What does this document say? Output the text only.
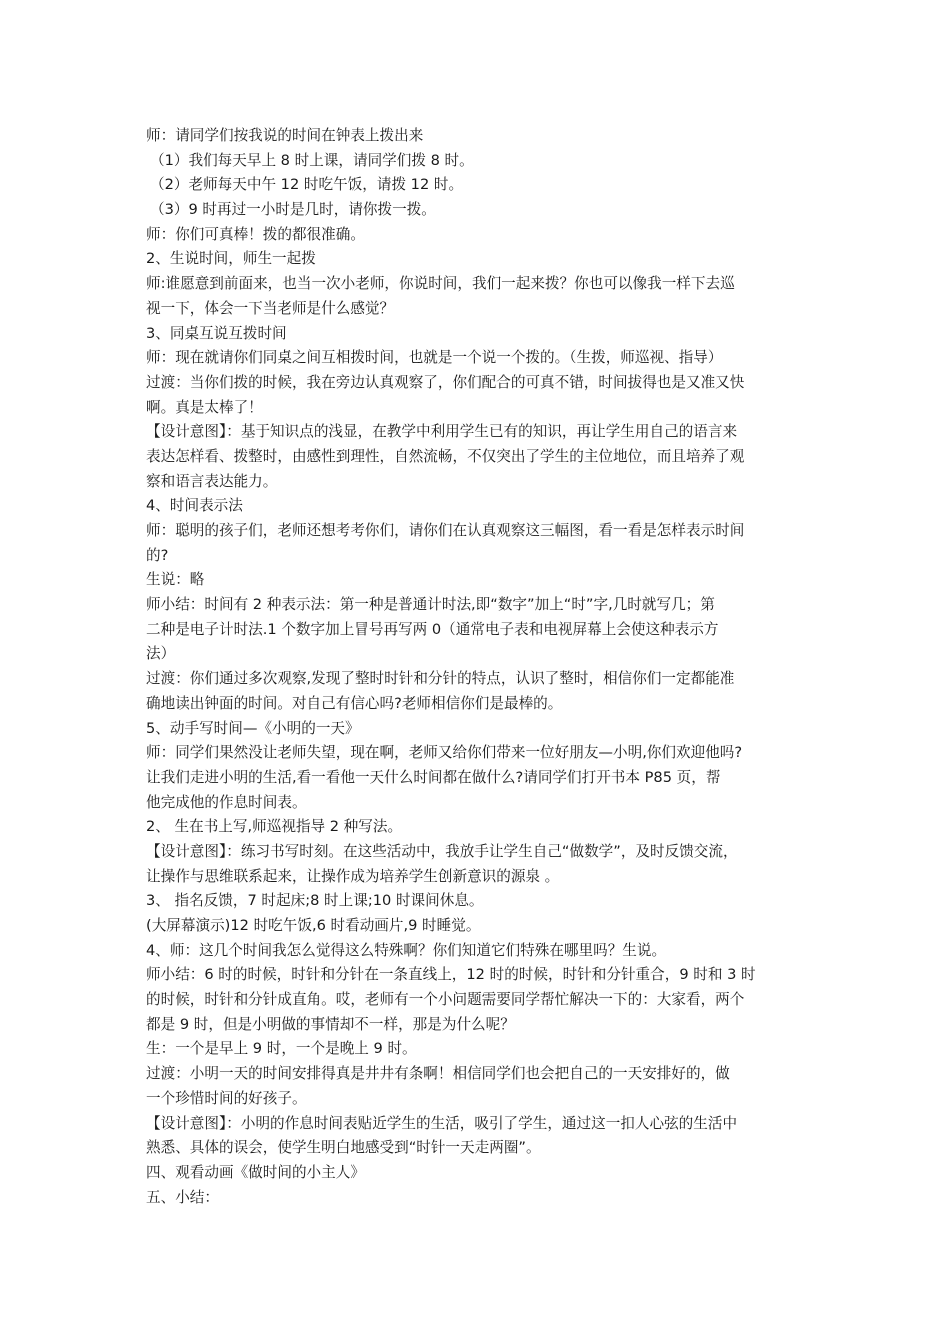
师：请同学们按我说的时间在钟表上拨出来
（1）我们每天早上 8 时上课，请同学们拨 8 时。
（2）老师每天中午 12 时吃午饭，请拨 12 时。
（3）9 时再过一小时是几时，请你拨一拨。
师：你们可真棒！拨的都很准确。
2、生说时间，师生一起拨
师:谁愿意到前面来，也当一次小老师，你说时间，我们一起来拨？你也可以像我一样下去巡
视一下，体会一下当老师是什么感觉？
3、同桌互说互拨时间
师：现在就请你们同桌之间互相拨时间，也就是一个说一个拨的。（生拨，师巡视、指导）
过渡：当你们拨的时候，我在旁边认真观察了，你们配合的可真不错，时间拔得也是又准又快
啊。真是太棒了！
【设计意图】：基于知识点的浅显，在教学中利用学生已有的知识，再让学生用自己的语言来
表达怎样看、拨整时，由感性到理性，自然流畅，不仅突出了学生的主位地位，而且培养了观
察和语言表达能力。
4、时间表示法
师：聪明的孩子们，老师还想考考你们，请你们在认真观察这三幅图，看一看是怎样表示时间
的?
生说：略
师小结：时间有 2 种表示法：第一种是普通计时法,即“数字”加上“时”字,几时就写几；第
二种是电子计时法.1 个数字加上冒号再写两 0（通常电子表和电视屏幕上会使这种表示方
法）
过渡：你们通过多次观察,发现了整时时针和分针的特点，认识了整时，相信你们一定都能准
确地读出钟面的时间。对自己有信心吗?老师相信你们是最棒的。
5、动手写时间—《小明的一天》
师：同学们果然没让老师失望，现在啊，老师又给你们带来一位好朋友—小明,你们欢迎他吗?
让我们走进小明的生活,看一看他一天什么时间都在做什么?请同学们打开书本 P85 页，帮
他完成他的作息时间表。
2、 生在书上写,师巡视指导 2 种写法。
【设计意图】：练习书写时刻。在这些活动中，我放手让学生自己“做数学”，及时反馈交流，
让操作与思维联系起来，让操作成为培养学生创新意识的源泉 。
3、 指名反馈，7 时起床;8 时上课;10 时课间休息。
(大屏幕演示)12 时吃午饭,6 时看动画片,9 时睡觉。
4、师：这几个时间我怎么觉得这么特殊啊？你们知道它们特殊在哪里吗？生说。
师小结：6 时的时候，时针和分针在一条直线上，12 时的时候，时针和分针重合，9 时和 3 时
的时候，时针和分针成直角。哎，老师有一个小问题需要同学帮忙解决一下的：大家看，两个
都是 9 时，但是小明做的事情却不一样，那是为什么呢？
生：一个是早上 9 时，一个是晚上 9 时。
过渡：小明一天的时间安排得真是井井有条啊！相信同学们也会把自己的一天安排好的，做
一个珍惜时间的好孩子。
【设计意图】：小明的作息时间表贴近学生的生活，吸引了学生，通过这一扣人心弦的生活中
熟悉、具体的误会，使学生明白地感受到“时针一天走两圈”。
四、观看动画《做时间的小主人》
五、小结：
